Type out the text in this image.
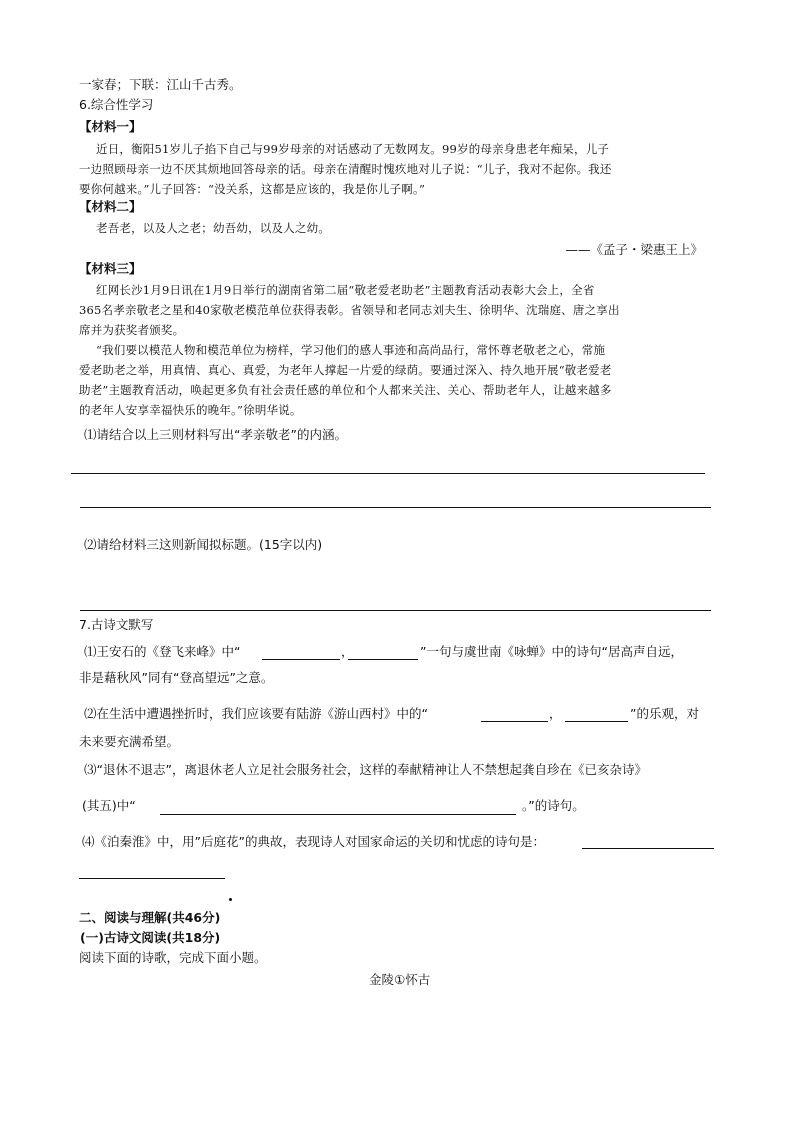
一家春；下联：江山千古秀。
6.综合性学习
【材料一】
近日，衡阳51岁儿子掐下自己与99岁母亲的对话感动了无数网友。99岁的母亲身患老年痴呆，儿子
一边照顾母亲一边不厌其烦地回答母亲的话。母亲在清醒时愧疚地对儿子说：“儿子，我对不起你。我还
要你何越来。”儿子回答：“没关系，这都是应该的，我是你儿子啊。”
【材料二】
老吾老，以及人之老；幼吾幼，以及人之幼。
——《孟子・梁惠王上》
【材料三】
红网长沙1月9日讯在1月9日举行的湖南省第二届“敬老爱老助老”主题教育活动表彰大会上，全省
365名孝亲敬老之星和40家敬老模范单位获得表彰。省领导和老同志刘夫生、徐明华、沈瑞庭、唐之享出
席并为获奖者颁奖。
“我们要以模范人物和模范单位为榜样，学习他们的感人事迹和高尚品行，常怀尊老敬老之心，常施
爱老助老之举，用真情、真心、真爱，为老年人撑起一片爱的绿荫。要通过深入、持久地开展“敬老爱老
助老”主题教育活动，唤起更多负有社会责任感的单位和个人都来关注、关心、帮助老年人，让越来越多
的老年人安享幸福快乐的晚年。”徐明华说。
⑴请结合以上三则材料写出“孝亲敬老”的内涵。
⑵请给材料三这则新闻拟标题。(15字以内)
7.古诗文默写
⑴王安石的《登飞来峰》中“	，	”一句与虞世南《咏蝉》中的诗句“居高声自远，
非是藉秋风”同有“登高望远”之意。
⑵在生活中遭遇挫折时，我们应该要有陆游《游山西村》中的“	，	”的乐观，对
未来要充满希望。
⑶“退休不退志”，离退休老人立足社会服务社会，这样的奉献精神让人不禁想起龚自珍在《已亥杂诗》
(其五)中“	。”的诗句。
⑷《泊秦淮》中，用”后庭花”的典故，表现诗人对国家命运的关切和忧虑的诗句是：
二、阅读与理解(共46分)
(一)古诗文阅读(共18分)
阅读下面的诗歌，完成下面小题。
金陵①怀古
